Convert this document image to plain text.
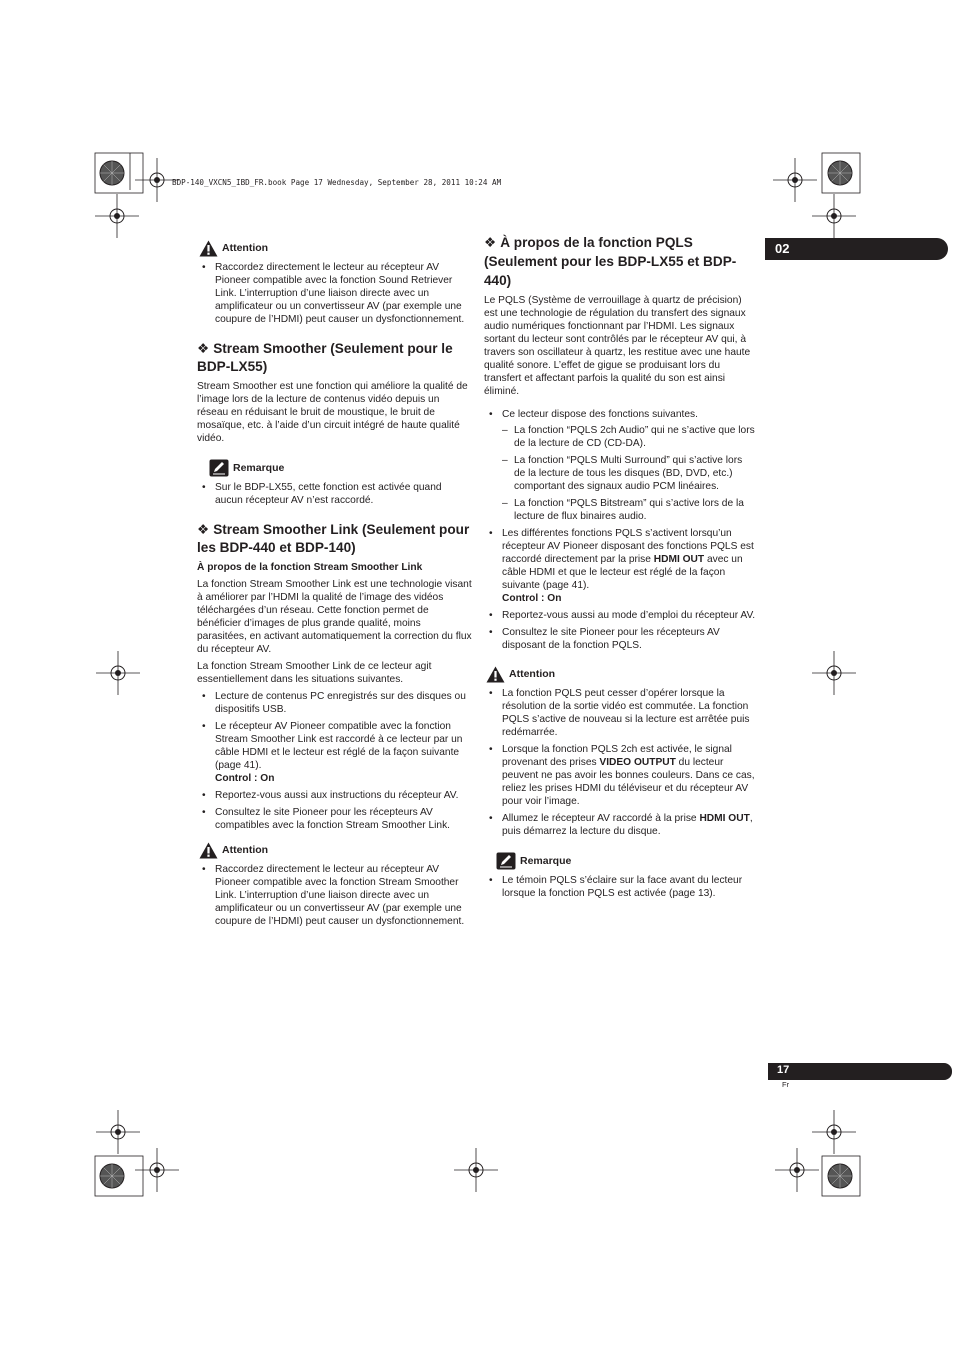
BDP-140_VXCN5_IBD_FR.book Page 17 Wednesday, September 28, 2011 10:24 AM
02
17
Fr
Attention
• Raccordez directement le lecteur au récepteur AV Pioneer compatible avec la fonction Sound Retriever Link. L’interruption d’une liaison directe avec un amplificateur ou un convertisseur AV (par exemple une coupure de l’HDMI) peut causer un dysfonctionnement.
❖ Stream Smoother (Seulement pour le BDP-LX55)

Stream Smoother est une fonction qui améliore la qualité de l’image lors de la lecture de contenus vidéo depuis un réseau en réduisant le bruit de moustique, le bruit de mosaïque, etc. à l’aide d’un circuit intégré de haute qualité vidéo.

Remarque
• Sur le BDP-LX55, cette fonction est activée quand aucun récepteur AV n’est raccordé.
❖ Stream Smoother Link (Seulement pour les BDP-440 et BDP-140)
À propos de la fonction Stream Smoother Link

La fonction Stream Smoother Link est une technologie visant à améliorer par l’HDMI la qualité de l’image des vidéos téléchargées d’un réseau. Cette fonction permet de bénéficier d’images de plus grande qualité, moins parasitées, en activant automatiquement la correction du flux du récepteur AV.

La fonction Stream Smoother Link de ce lecteur agit essentiellement dans les situations suivantes.

• Lecture de contenus PC enregistrés sur des disques ou dispositifs USB.
• Le récepteur AV Pioneer compatible avec la fonction Stream Smoother Link est raccordé à ce lecteur par un câble HDMI et le lecteur est réglé de la façon suivante (page 41).
Control : On
• Reportez-vous aussi aux instructions du récepteur AV.
• Consultez le site Pioneer pour les récepteurs AV compatibles avec la fonction Stream Smoother Link.
Attention
• Raccordez directement le lecteur au récepteur AV Pioneer compatible avec la fonction Stream Smoother Link. L’interruption d’une liaison directe avec un amplificateur ou un convertisseur AV (par exemple une coupure de l’HDMI) peut causer un dysfonctionnement.
❖ À propos de la fonction PQLS (Seulement pour les BDP-LX55 et BDP-440)

Le PQLS (Système de verrouillage à quartz de précision) est une technologie de régulation du transfert des signaux audio numériques fonctionnant par l’HDMI. Les signaux sortant du lecteur sont contrôlés par le récepteur AV qui, à travers son oscillateur à quartz, les restitue avec une haute qualité sonore. L’effet de gigue se produisant lors du transfert et affectant parfois la qualité du son est ainsi éliminé.

• Ce lecteur dispose des fonctions suivantes.
– La fonction “PQLS 2ch Audio” qui ne s’active que lors de la lecture de CD (CD-DA).
– La fonction “PQLS Multi Surround” qui s’active lors de la lecture de tous les disques (BD, DVD, etc.) comportant des signaux audio PCM linéaires.
– La fonction “PQLS Bitstream” qui s’active lors de la lecture de flux binaires audio.
• Les différentes fonctions PQLS s’activent lorsqu’un récepteur AV Pioneer disposant des fonctions PQLS est raccordé directement par la prise HDMI OUT avec un câble HDMI et que le lecteur est réglé de la façon suivante (page 41).
Control : On
• Reportez-vous aussi au mode d’emploi du récepteur AV.
• Consultez le site Pioneer pour les récepteurs AV disposant de la fonction PQLS.
Attention
• La fonction PQLS peut cesser d’opérer lorsque la résolution de la sortie vidéo est commutée. La fonction PQLS s’active de nouveau si la lecture est arrêtée puis redémarrée.
• Lorsque la fonction PQLS 2ch est activée, le signal provenant des prises VIDEO OUTPUT du lecteur peuvent ne pas avoir les bonnes couleurs. Dans ce cas, reliez les prises HDMI du téléviseur et du récepteur AV pour voir l’image.
• Allumez le récepteur AV raccordé à la prise HDMI OUT, puis démarrez la lecture du disque.
Remarque
• Le témoin PQLS s’éclaire sur la face avant du lecteur lorsque la fonction PQLS est activée (page 13).
